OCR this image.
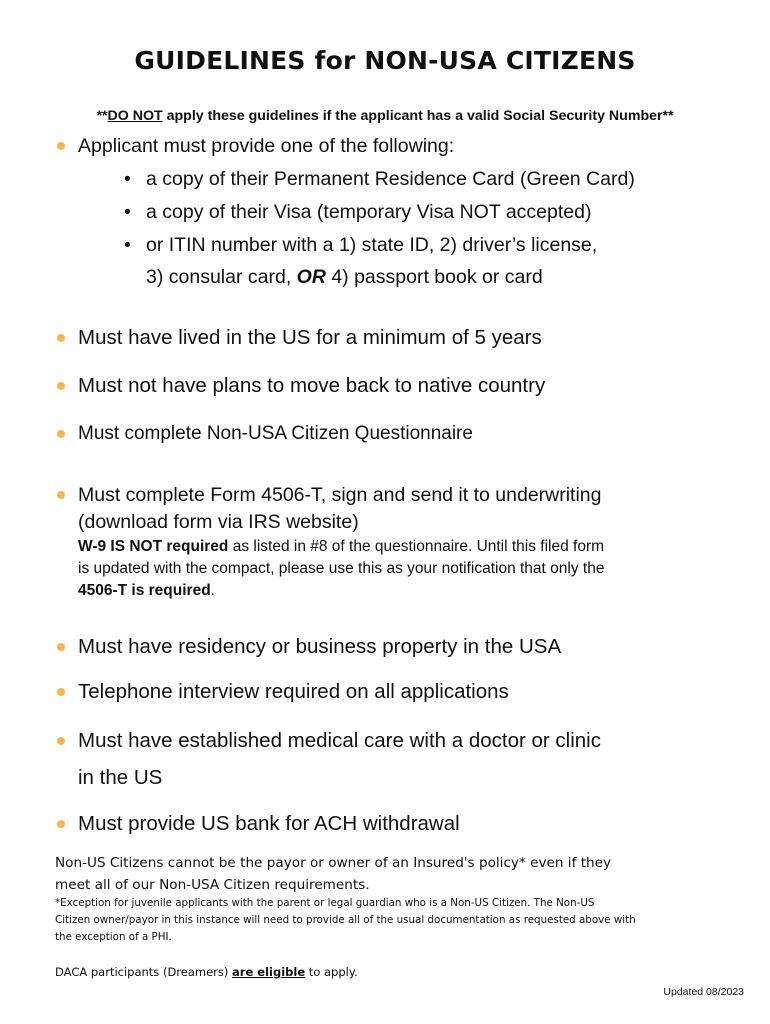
GUIDELINES for NON-USA CITIZENS
**DO NOT apply these guidelines if the applicant has a valid Social Security Number**
Applicant must provide one of the following:
• a copy of their Permanent Residence Card (Green Card)
• a copy of their Visa (temporary Visa NOT accepted)
• or ITIN number with a 1) state ID, 2) driver’s license,
3) consular card, OR 4) passport book or card
Must have lived in the US for a minimum of 5 years
Must not have plans to move back to native country
Must complete Non-USA Citizen Questionnaire
Must complete Form 4506-T, sign and send it to underwriting
(download form via IRS website)
W-9 IS NOT required as listed in #8 of the questionnaire. Until this filed form
is updated with the compact, please use this as your notification that only the
4506-T is required.
Must have residency or business property in the USA
Telephone interview required on all applications
Must have established medical care with a doctor or clinic
in the US
Must provide US bank for ACH withdrawal
Non-US Citizens cannot be the payor or owner of an Insured's policy* even if they
meet all of our Non-USA Citizen requirements.
*Exception for juvenile applicants with the parent or legal guardian who is a Non-US Citizen. The Non-US
Citizen owner/payor in this instance will need to provide all of the usual documentation as requested above with
the exception of a PHI.
DACA participants (Dreamers) are eligible to apply.
Updated 08/2023
